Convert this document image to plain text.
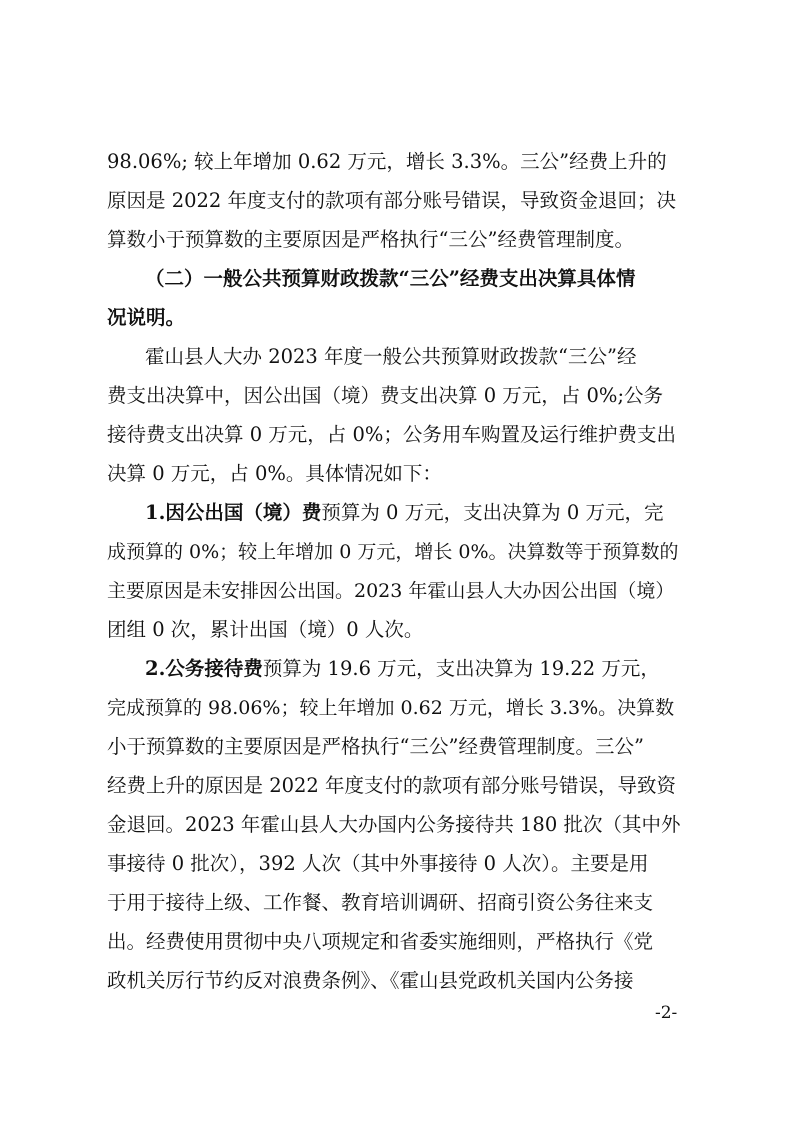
98.06%; 较上年增加 0.62 万元，增长 3.3%。三公”经费上升的
原因是 2022 年度支付的款项有部分账号错误，导致资金退回；决
算数小于预算数的主要原因是严格执行“三公”经费管理制度。
（二）一般公共预算财政拨款“三公”经费支出决算具体情
况说明。
霍山县人大办 2023 年度一般公共预算财政拨款“三公”经
费支出决算中，因公出国（境）费支出决算 0 万元，占 0%;公务
接待费支出决算 0 万元，占 0%；公务用车购置及运行维护费支出
决算 0 万元，占 0%。具体情况如下：
1.因公出国（境）费预算为 0 万元，支出决算为 0 万元，完
成预算的 0%；较上年增加 0 万元，增长 0%。决算数等于预算数的
主要原因是未安排因公出国。2023 年霍山县人大办因公出国（境）
团组 0 次，累计出国（境）0 人次。
2.公务接待费预算为 19.6 万元，支出决算为 19.22 万元，
完成预算的 98.06%；较上年增加 0.62 万元，增长 3.3%。决算数
小于预算数的主要原因是严格执行“三公”经费管理制度。三公”
经费上升的原因是 2022 年度支付的款项有部分账号错误，导致资
金退回。2023 年霍山县人大办国内公务接待共 180 批次（其中外
事接待 0 批次），392 人次（其中外事接待 0 人次）。主要是用
于用于接待上级、工作餐、教育培训调研、招商引资公务往来支
出。经费使用贯彻中央八项规定和省委实施细则，严格执行《党
政机关厉行节约反对浪费条例》、《霍山县党政机关国内公务接
-2-
